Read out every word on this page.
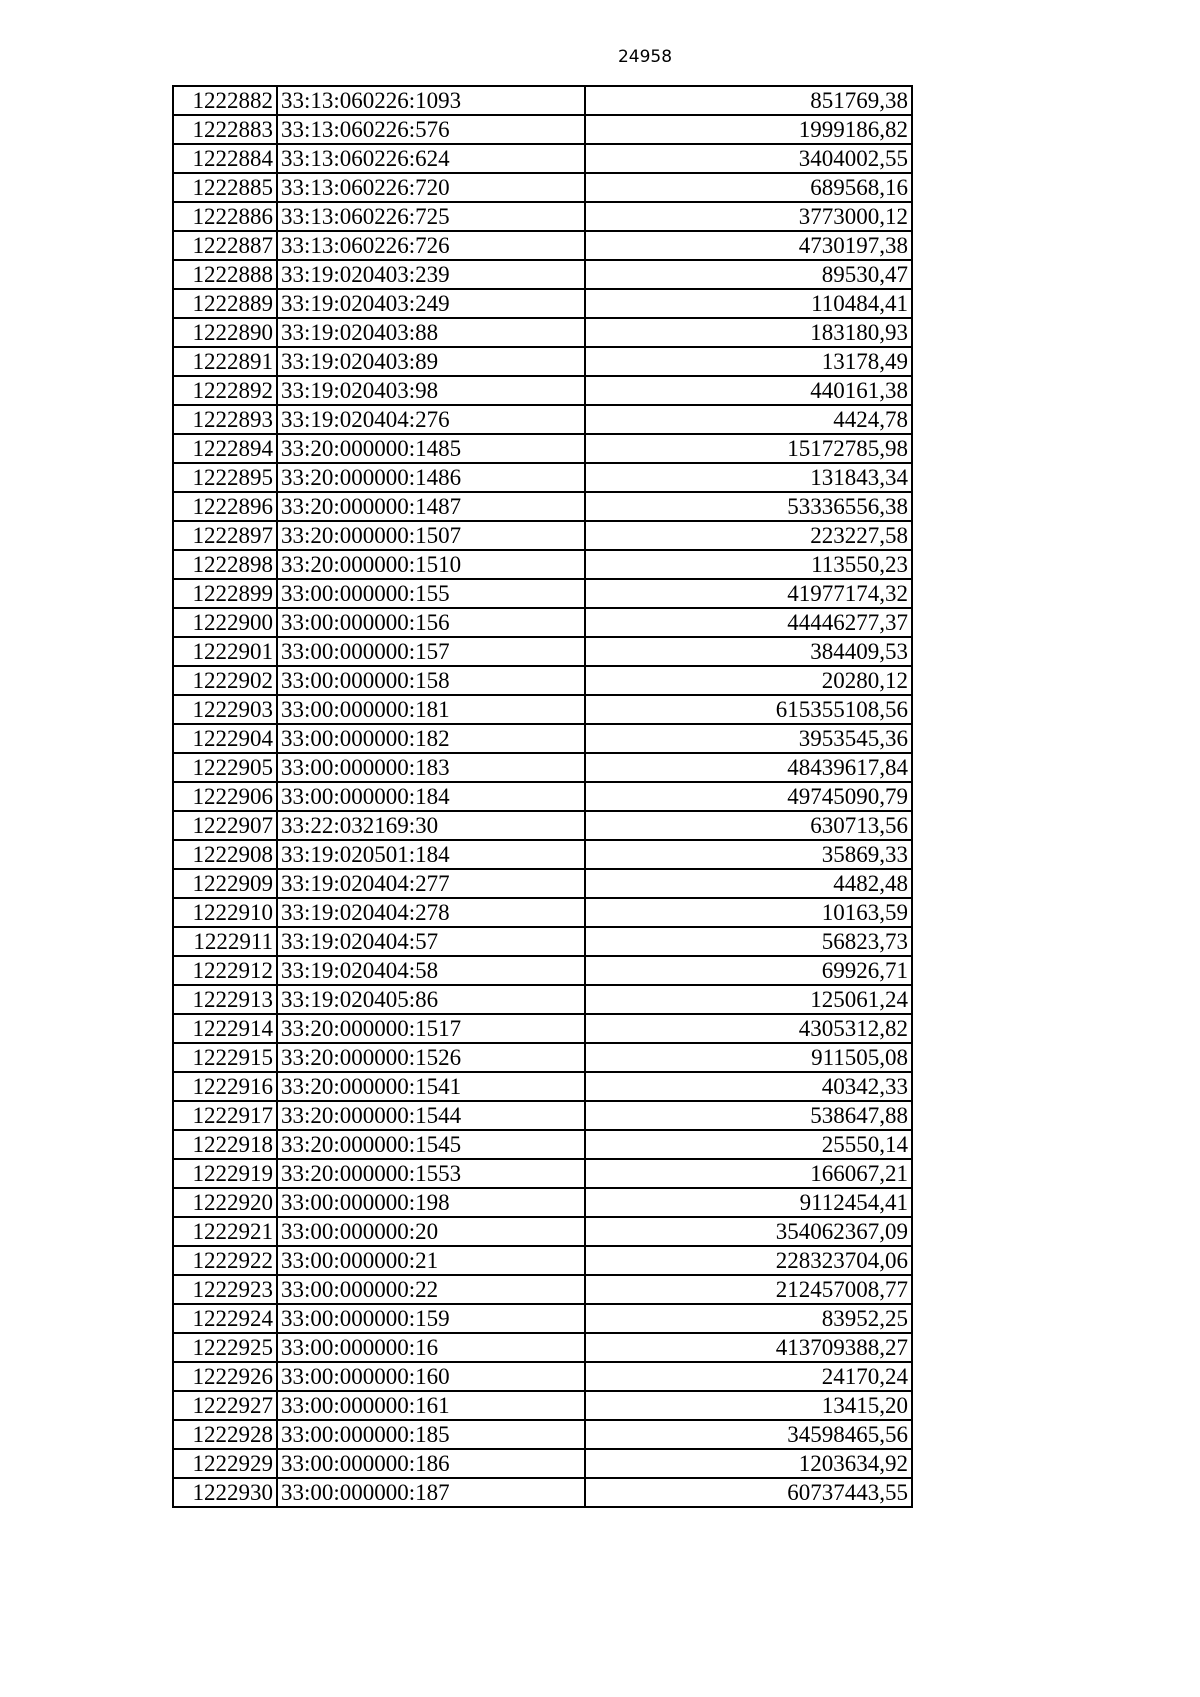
24958
1222882	33:13:060226:1093	851769,38
1222883	33:13:060226:576	1999186,82
1222884	33:13:060226:624	3404002,55
1222885	33:13:060226:720	689568,16
1222886	33:13:060226:725	3773000,12
1222887	33:13:060226:726	4730197,38
1222888	33:19:020403:239	89530,47
1222889	33:19:020403:249	110484,41
1222890	33:19:020403:88	183180,93
1222891	33:19:020403:89	13178,49
1222892	33:19:020403:98	440161,38
1222893	33:19:020404:276	4424,78
1222894	33:20:000000:1485	15172785,98
1222895	33:20:000000:1486	131843,34
1222896	33:20:000000:1487	53336556,38
1222897	33:20:000000:1507	223227,58
1222898	33:20:000000:1510	113550,23
1222899	33:00:000000:155	41977174,32
1222900	33:00:000000:156	44446277,37
1222901	33:00:000000:157	384409,53
1222902	33:00:000000:158	20280,12
1222903	33:00:000000:181	615355108,56
1222904	33:00:000000:182	3953545,36
1222905	33:00:000000:183	48439617,84
1222906	33:00:000000:184	49745090,79
1222907	33:22:032169:30	630713,56
1222908	33:19:020501:184	35869,33
1222909	33:19:020404:277	4482,48
1222910	33:19:020404:278	10163,59
1222911	33:19:020404:57	56823,73
1222912	33:19:020404:58	69926,71
1222913	33:19:020405:86	125061,24
1222914	33:20:000000:1517	4305312,82
1222915	33:20:000000:1526	911505,08
1222916	33:20:000000:1541	40342,33
1222917	33:20:000000:1544	538647,88
1222918	33:20:000000:1545	25550,14
1222919	33:20:000000:1553	166067,21
1222920	33:00:000000:198	9112454,41
1222921	33:00:000000:20	354062367,09
1222922	33:00:000000:21	228323704,06
1222923	33:00:000000:22	212457008,77
1222924	33:00:000000:159	83952,25
1222925	33:00:000000:16	413709388,27
1222926	33:00:000000:160	24170,24
1222927	33:00:000000:161	13415,20
1222928	33:00:000000:185	34598465,56
1222929	33:00:000000:186	1203634,92
1222930	33:00:000000:187	60737443,55
